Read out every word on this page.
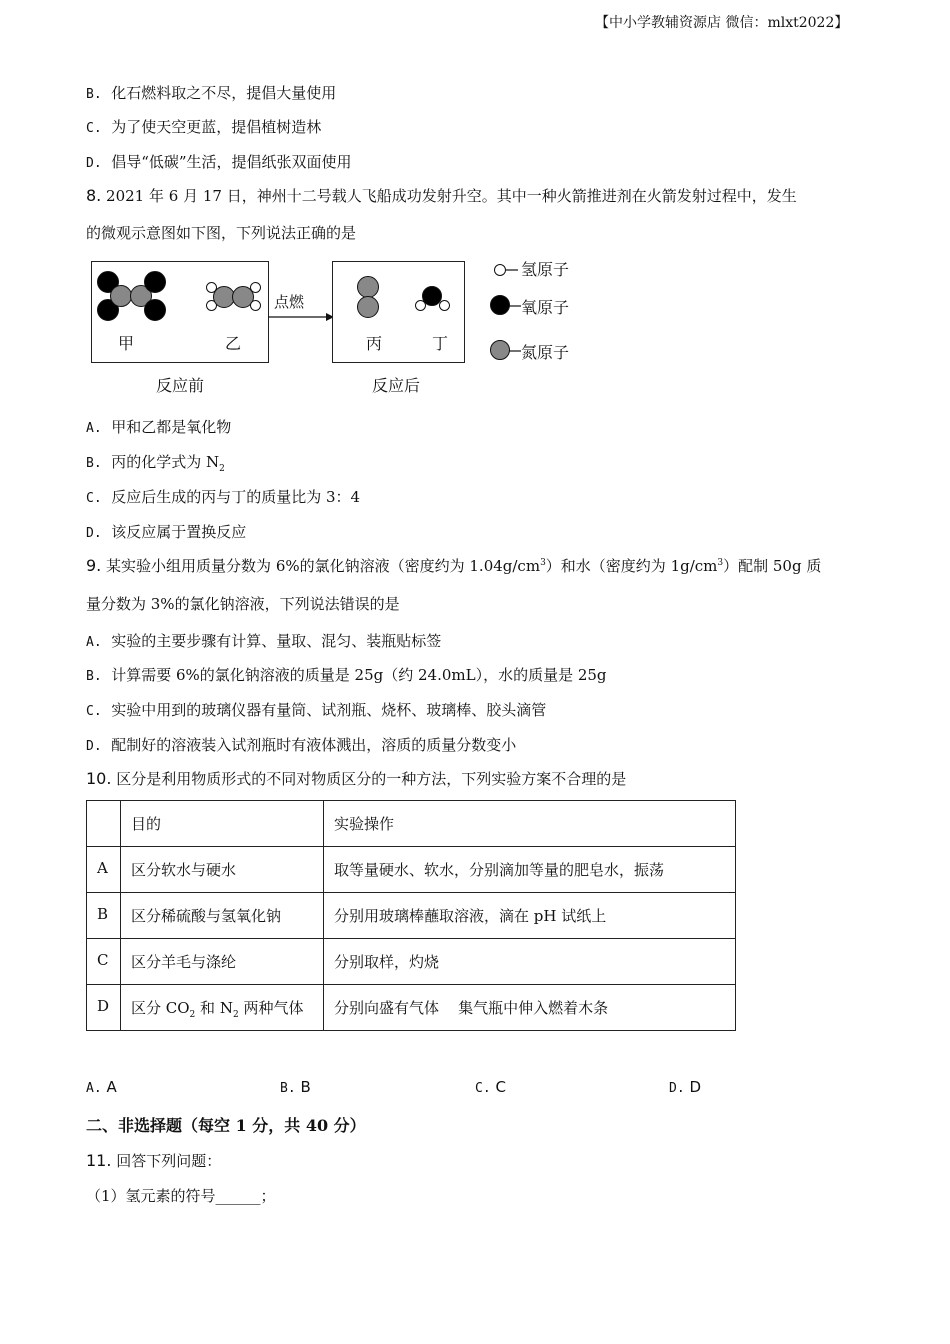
【中小学教辅资源店 微信：mlxt2022】
B. 化石燃料取之不尽，提倡大量使用
C. 为了使天空更蓝，提倡植树造林
D. 倡导“低碳”生活，提倡纸张双面使用
8. 2021 年 6 月 17 日，神州十二号载人飞船成功发射升空。其中一种火箭推进剂在火箭发射过程中，发生
的微观示意图如下图，下列说法正确的是
甲	乙
点燃
丙	丁
反应前	反应后
氢原子
氧原子
氮原子
A. 甲和乙都是氧化物
B. 丙的化学式为 $N_2$
C. 反应后生成的丙与丁的质量比为 3：4
D. 该反应属于置换反应
9. 某实验小组用质量分数为 6%的氯化钠溶液（密度约为 $1.04g/cm^3$）和水（密度约为 $1g/cm^3$）配制 50g 质
量分数为 3%的氯化钠溶液，下列说法错误的是
A. 实验的主要步骤有计算、量取、混匀、装瓶贴标签
B. 计算需要 6%的氯化钠溶液的质量是 25g（约 24.0mL），水的质量是 25g
C. 实验中用到的玻璃仪器有量筒、试剂瓶、烧杯、玻璃棒、胶头滴管
D. 配制好的溶液装入试剂瓶时有液体溅出，溶质的质量分数变小
10. 区分是利用物质形式的不同对物质区分的一种方法，下列实验方案不合理的是
	目的	实验操作
A	区分软水与硬水	取等量硬水、软水，分别滴加等量的肥皂水，振荡
B	区分稀硫酸与氢氧化钠	分别用玻璃棒蘸取溶液，滴在 pH 试纸上
C	区分羊毛与涤纶	分别取样，灼烧
D	区分 $CO_2$ 和 $N_2$ 两种气体	分别向盛有气体    集气瓶中伸入燃着木条
A. A	B. B	C. C	D. D
二、非选择题（每空 1 分，共 40 分）
11. 回答下列问题：
（1）氢元素的符号______；
